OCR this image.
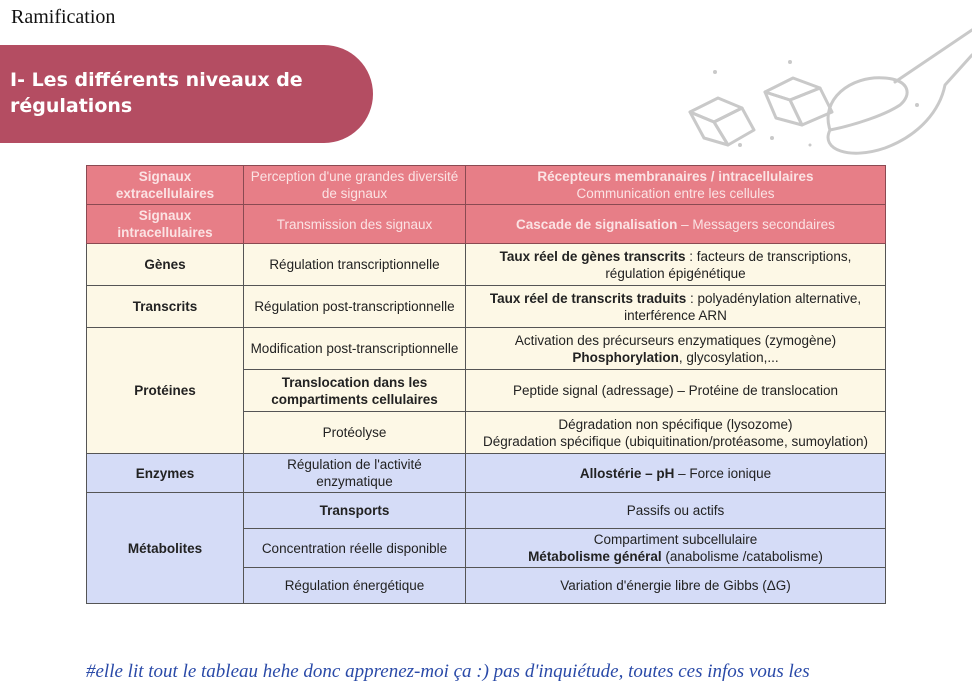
Ramification
I- Les différents niveaux de régulations
Signaux extracellulaires	Perception d'une grandes diversité de signaux	Récepteurs membranaires / intracellulaires
Communication entre les cellules

Signaux intracellulaires	Transmission des signaux	Cascade de signalisation – Messagers secondaires

Gènes	Régulation transcriptionnelle	Taux réel de gènes transcrits : facteurs de transcriptions, régulation épigénétique

Transcrits	Régulation post-transcriptionnelle	Taux réel de transcrits traduits : polyadénylation alternative, interférence ARN

Protéines	Modification post-transcriptionnelle	Activation des précurseurs enzymatiques (zymogène)
Phosphorylation, glycosylation,...

	Translocation dans les compartiments cellulaires	Peptide signal (adressage) – Protéine de translocation

	Protéolyse	Dégradation non spécifique (lysozome)
Dégradation spécifique (ubiquitination/protéasome, sumoylation)

Enzymes	Régulation de l'activité enzymatique	Allostérie – pH – Force ionique

Métabolites	Transports	Passifs ou actifs

	Concentration réelle disponible	Compartiment subcellulaire
Métabolisme général (anabolisme /catabolisme)

	Régulation énergétique	Variation d'énergie libre de Gibbs (ΔG)
#elle lit tout le tableau hehe donc apprenez-moi ça :) pas d'inquiétude, toutes ces infos vous les
